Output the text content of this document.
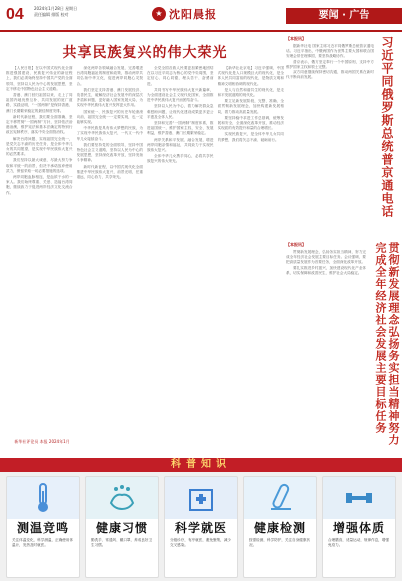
04	2024年1月28日 星期日
责任编辑 排版 校对	★ 沈阳晨报	要闻 · 广告
共享民族复兴的伟大荣光

【人民日报】在以中国式现代化全面推进强国建设、民族复兴伟业的新征程上，我们必须始终坚持中国共产党的全面领导，坚持以人民为中心的发展思想，坚定不移走中国特色社会主义道路。

香港、澳门回归祖国以来，走上了同祖国内地优势互补、共同发展的宽广道路，实践证明，“一国两制”是保持香港、澳门长期繁荣稳定的最佳制度安排。

新时代新征程，我们要全面准确、坚定不移贯彻“一国两制”方针，坚持依法治港治澳，维护宪法和基本法确定的特别行政区宪制秩序，落实中央全面管治权。

解决台湾问题、实现祖国完全统一，是党矢志不渝的历史任务，是全体中华儿女的共同愿望，是实现中华民族伟大复兴的必然要求。

我们坚持以最大诚意、尽最大努力争取和平统一的前景，但决不承诺放弃使用武力，保留采取一切必要措施的选项。

两岸同胞血脉相连，是血浓于水的一家人。我们始终尊重、关爱、造福台湾同胞，继续致力于促进两岸经济文化交流合作。

深化两岸各领域融合发展，完善增进台湾同胞福祉的制度和政策，推动两岸共同弘扬中华文化，促进两岸同胞心灵契合。

我们坚定支持香港、澳门发展经济、改善民生，破解经济社会发展中的深层次矛盾和问题，更好融入国家发展大局，为实现中华民族伟大复兴发挥更大作用。

国家统一、民族复兴的历史车轮滚滚向前，祖国完全统一一定要实现，也一定能够实现。

中华民族是具有伟大梦想的民族，为了实现中华民族伟大复兴，一代又一代中华儿女接续奋斗。

我们要坚持党的全面领导，坚持中国特色社会主义道路，坚持以人民为中心的发展思想，坚持深化改革开放，坚持发扬斗争精神。

新时代新征程，以中国式现代化全面推进中华民族伟大复兴，前景光明，任重道远，同心协力，共享荣光。

全党全国各族人民要更加紧密地团结在以习近平同志为核心的党中央周围，坚定信心、同心同德，埋头苦干、奋勇前进。

共同书写中华民族伟大复兴新篇章，为全面建设社会主义现代化国家、全面推进中华民族伟大复兴而团结奋斗。

坚持以人民为中心，着力解决群众急难愁盼问题，让现代化建设成果更多更公平惠及全体人民。

坚持和完善“一国两制”制度体系，推进祖国统一，维护国家主权、安全、发展利益，维护香港、澳门长期繁荣稳定。

两岸关系和平发展、融合发展，增进两岸同胞亲情和福祉，共同致力于实现民族伟大复兴。

全体中华儿女携手同心，必将共享民族复兴的伟大荣光。

【新华社北京电】习近平强调，中国式现代化是人口规模巨大的现代化，是全体人民共同富裕的现代化，是物质文明和精神文明相协调的现代化。

是人与自然和谐共生的现代化，是走和平发展道路的现代化。

要立足新发展阶段，完整、准确、全面贯彻新发展理念，加快构建新发展格局，着力推动高质量发展。

要坚持稳中求进工作总基调，统筹发展和安全，全面深化改革开放，推动经济实现质的有效提升和量的合理增长。

实现民族复兴，是全体中华儿女共同的梦想，我们将矢志不渝、砥砺前行。

新华社评论员 本报 2024年1月
【本报讯】

据新华社电 国家主席习近平同俄罗斯总统普京通电话。习近平指出，中俄两国作为世界主要大国和联合国安理会常任理事国，要坚持战略协作。

普京表示，俄方坚定奉行一个中国原则，支持中方维护国家主权和领土完整。

双方同意继续保持密切沟通，推动两国关系在新时代不断向前发展。	习近平同俄罗斯总统普京通电话
【本报讯】

贯彻新发展理念，弘扬务实担当精神，努力完成全年经济社会发展主要目标任务。会议强调，要把高质量发展作为首要任务，全面深化改革开放。

要扎实推进乡村振兴，加快建设现代化产业体系，切实保障和改善民生，维护社会大局稳定。	贯彻新发展理念弘扬务实担当精神努力完成全年经济社会发展主要目标任务
科普知识
测温竞鸣
关注体温变化，科学测温，正确使用体温计，发热及时就医。
健康习惯
勤洗手、常通风、戴口罩，养成良好卫生习惯。
科学就医
分级诊疗，有序就医，避免聚集，减少交叉感染。
健康检测
按需检测，科学防护，关注自身健康状况。
增强体质
合理膳食，适量运动，规律作息，增强免疫力。
